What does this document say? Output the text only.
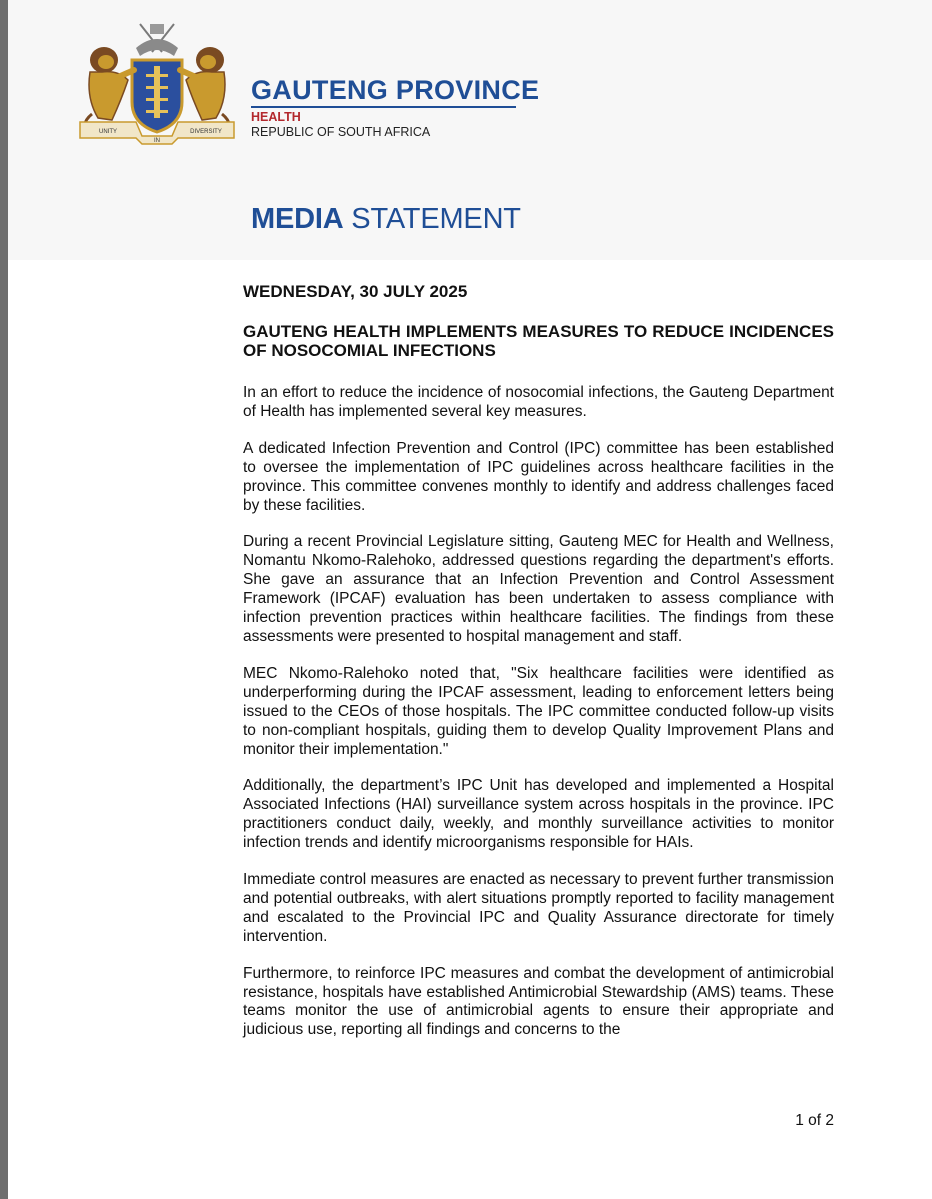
UNITY
IN
DIVERSITY
GAUTENG PROVINCE
HEALTH
REPUBLIC OF SOUTH AFRICA
MEDIA STATEMENT
WEDNESDAY, 30 JULY 2025
GAUTENG HEALTH IMPLEMENTS MEASURES TO REDUCE INCIDENCES OF NOSOCOMIAL INFECTIONS

In an effort to reduce the incidence of nosocomial infections, the Gauteng Department of Health has implemented several key measures.

A dedicated Infection Prevention and Control (IPC) committee has been established to oversee the implementation of IPC guidelines across healthcare facilities in the province. This committee convenes monthly to identify and address challenges faced by these facilities.

During a recent Provincial Legislature sitting, Gauteng MEC for Health and Wellness, Nomantu Nkomo-Ralehoko, addressed questions regarding the department's efforts. She gave an assurance that an Infection Prevention and Control Assessment Framework (IPCAF) evaluation has been undertaken to assess compliance with infection prevention practices within healthcare facilities. The findings from these assessments were presented to hospital management and staff.

MEC Nkomo-Ralehoko noted that, "Six healthcare facilities were identified as underperforming during the IPCAF assessment, leading to enforcement letters being issued to the CEOs of those hospitals. The IPC committee conducted follow-up visits to non-compliant hospitals, guiding them to develop Quality Improvement Plans and monitor their implementation."

Additionally, the department’s IPC Unit has developed and implemented a Hospital Associated Infections (HAI) surveillance system across hospitals in the province. IPC practitioners conduct daily, weekly, and monthly surveillance activities to monitor infection trends and identify microorganisms responsible for HAIs.

Immediate control measures are enacted as necessary to prevent further transmission and potential outbreaks, with alert situations promptly reported to facility management and escalated to the Provincial IPC and Quality Assurance directorate for timely intervention.

Furthermore, to reinforce IPC measures and combat the development of antimicrobial resistance, hospitals have established Antimicrobial Stewardship (AMS) teams. These teams monitor the use of antimicrobial agents to ensure their appropriate and judicious use, reporting all findings and concerns to the

1 of 2
